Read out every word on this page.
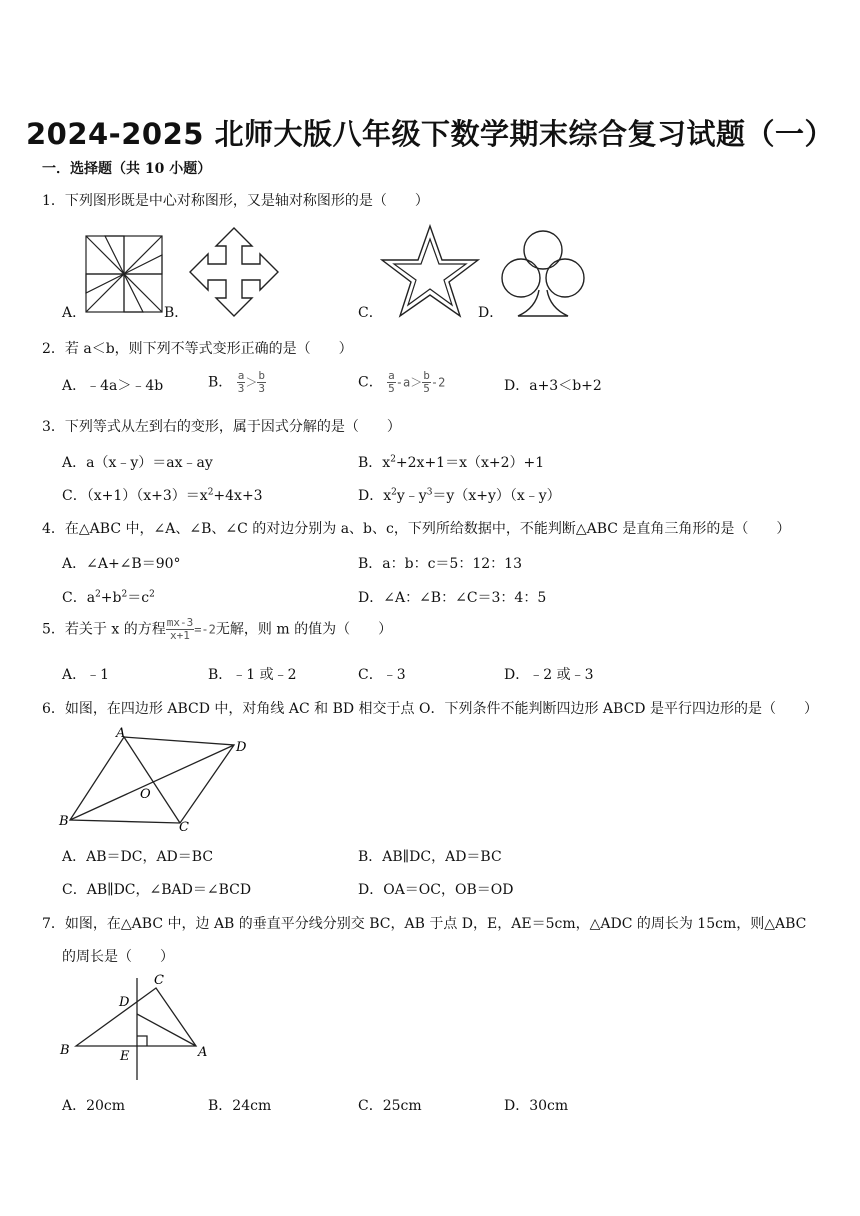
2024-2025 北师大版八年级下数学期末综合复习试题（一）
一．选择题（共 10 小题）
1．下列图形既是中心对称图形，又是轴对称图形的是（　　）
A．	B．	C．	D．
2．若 a＜b，则下列不等式变形正确的是（　　）
A．﹣4a＞﹣4b	B． $\frac{a}{3} > \frac{b}{3}$	C． $\frac{a}{5} -a> \frac{b}{5} -2$	D．a+3＜b+2
3．下列等式从左到右的变形，属于因式分解的是（　　）
A．a（x﹣y）＝ax﹣ay	B．$x^2+2x+1=x(x+2)+1$
C．$(x+1)(x+3)=x^2+4x+3$	D．$x^2y﹣y^3=y(x+y)(x﹣y)$
4．在△ABC 中，∠A、∠B、∠C 的对边分别为 a、b、c，下列所给数据中，不能判断△ABC 是直角三角形的是（　　）
A．∠A+∠B＝90°	B．a：b：c＝5：12：13
C．$a^2+b^2=c^2$	D．∠A：∠B：∠C＝3：4：5
5．若关于 x 的方程 $\frac{mx-3}{x+1} =-2$无解，则 m 的值为（　　）
A．﹣1	B．﹣1 或﹣2	C．﹣3	D．﹣2 或﹣3
6．如图，在四边形 ABCD 中，对角线 AC 和 BD 相交于点 O．下列条件不能判断四边形 ABCD 是平行四边形的是（　　）
A
D
O
B	C
A．AB＝DC，AD＝BC	B．AB∥DC，AD＝BC
C．AB∥DC，∠BAD＝∠BCD	D．OA＝OC，OB＝OD
7．如图，在△ABC 中，边 AB 的垂直平分线分别交 BC，AB 于点 D，E，AE＝5cm，△ADC 的周长为 15cm，则△ABC
的周长是（　　）
C
D
B	E	A
A．20cm	B．24cm	C．25cm	D．30cm
